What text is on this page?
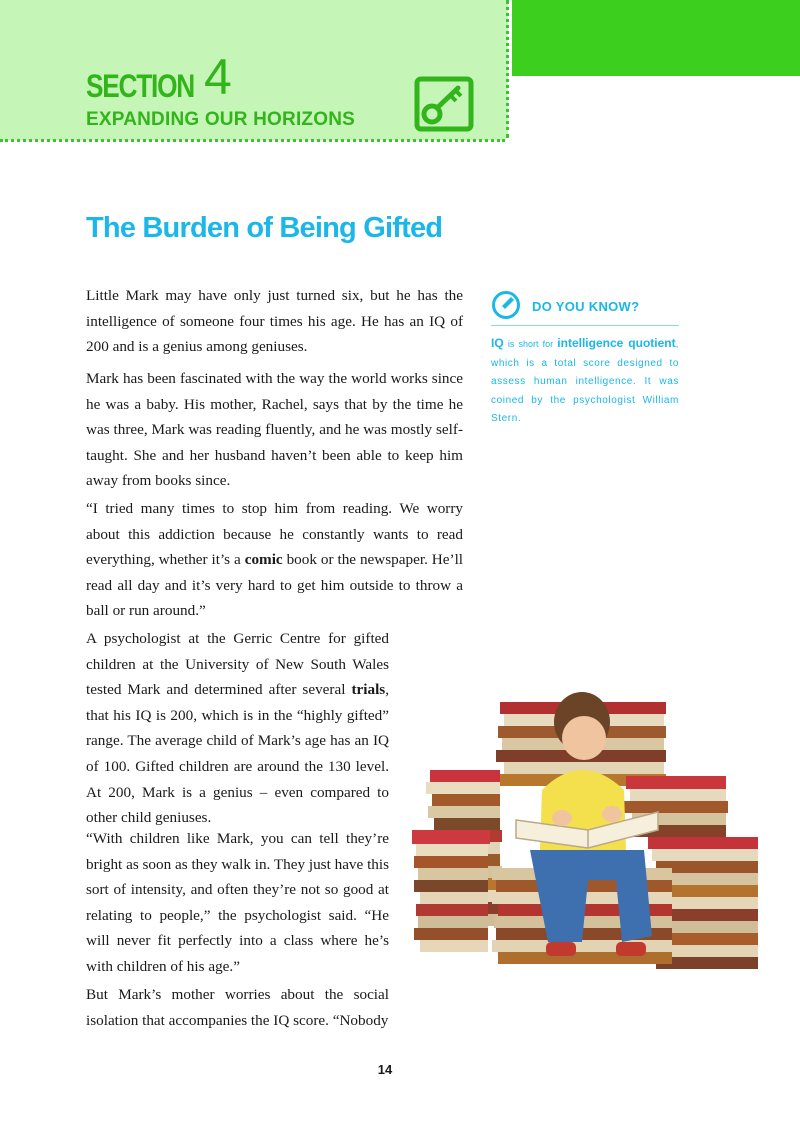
SECTION 4
EXPANDING OUR HORIZONS
The Burden of Being Gifted

Little Mark may have only just turned six, but he has the intelligence of someone four times his age. He has an IQ of 200 and is a genius among geniuses.

Mark has been fascinated with the way the world works since he was a baby. His mother, Rachel, says that by the time he was three, Mark was reading fluently, and he was mostly self-taught. She and her husband haven’t been able to keep him away from books since.

“I tried many times to stop him from reading. We worry about this addiction because he constantly wants to read everything, whether it’s a comic book or the newspaper. He’ll read all day and it’s very hard to get him outside to throw a ball or run around.”

A psychologist at the Gerric Centre for gifted children at the University of New South Wales tested Mark and determined after several trials, that his IQ is 200, which is in the “highly gifted” range. The average child of Mark’s age has an IQ of 100. Gifted children are around the 130 level. At 200, Mark is a genius – even compared to other child geniuses.

“With children like Mark, you can tell they’re bright as soon as they walk in. They just have this sort of intensity, and often they’re not so good at relating to people,” the psychologist said. “He will never fit perfectly into a class where he’s with children of his age.”

But Mark’s mother worries about the social isolation that accompanies the IQ score. “Nobody

DO YOU KNOW?
IQ is short for intelligence quotient, which is a total score designed to assess human intelligence. It was coined by the psychologist William Stern.
14
